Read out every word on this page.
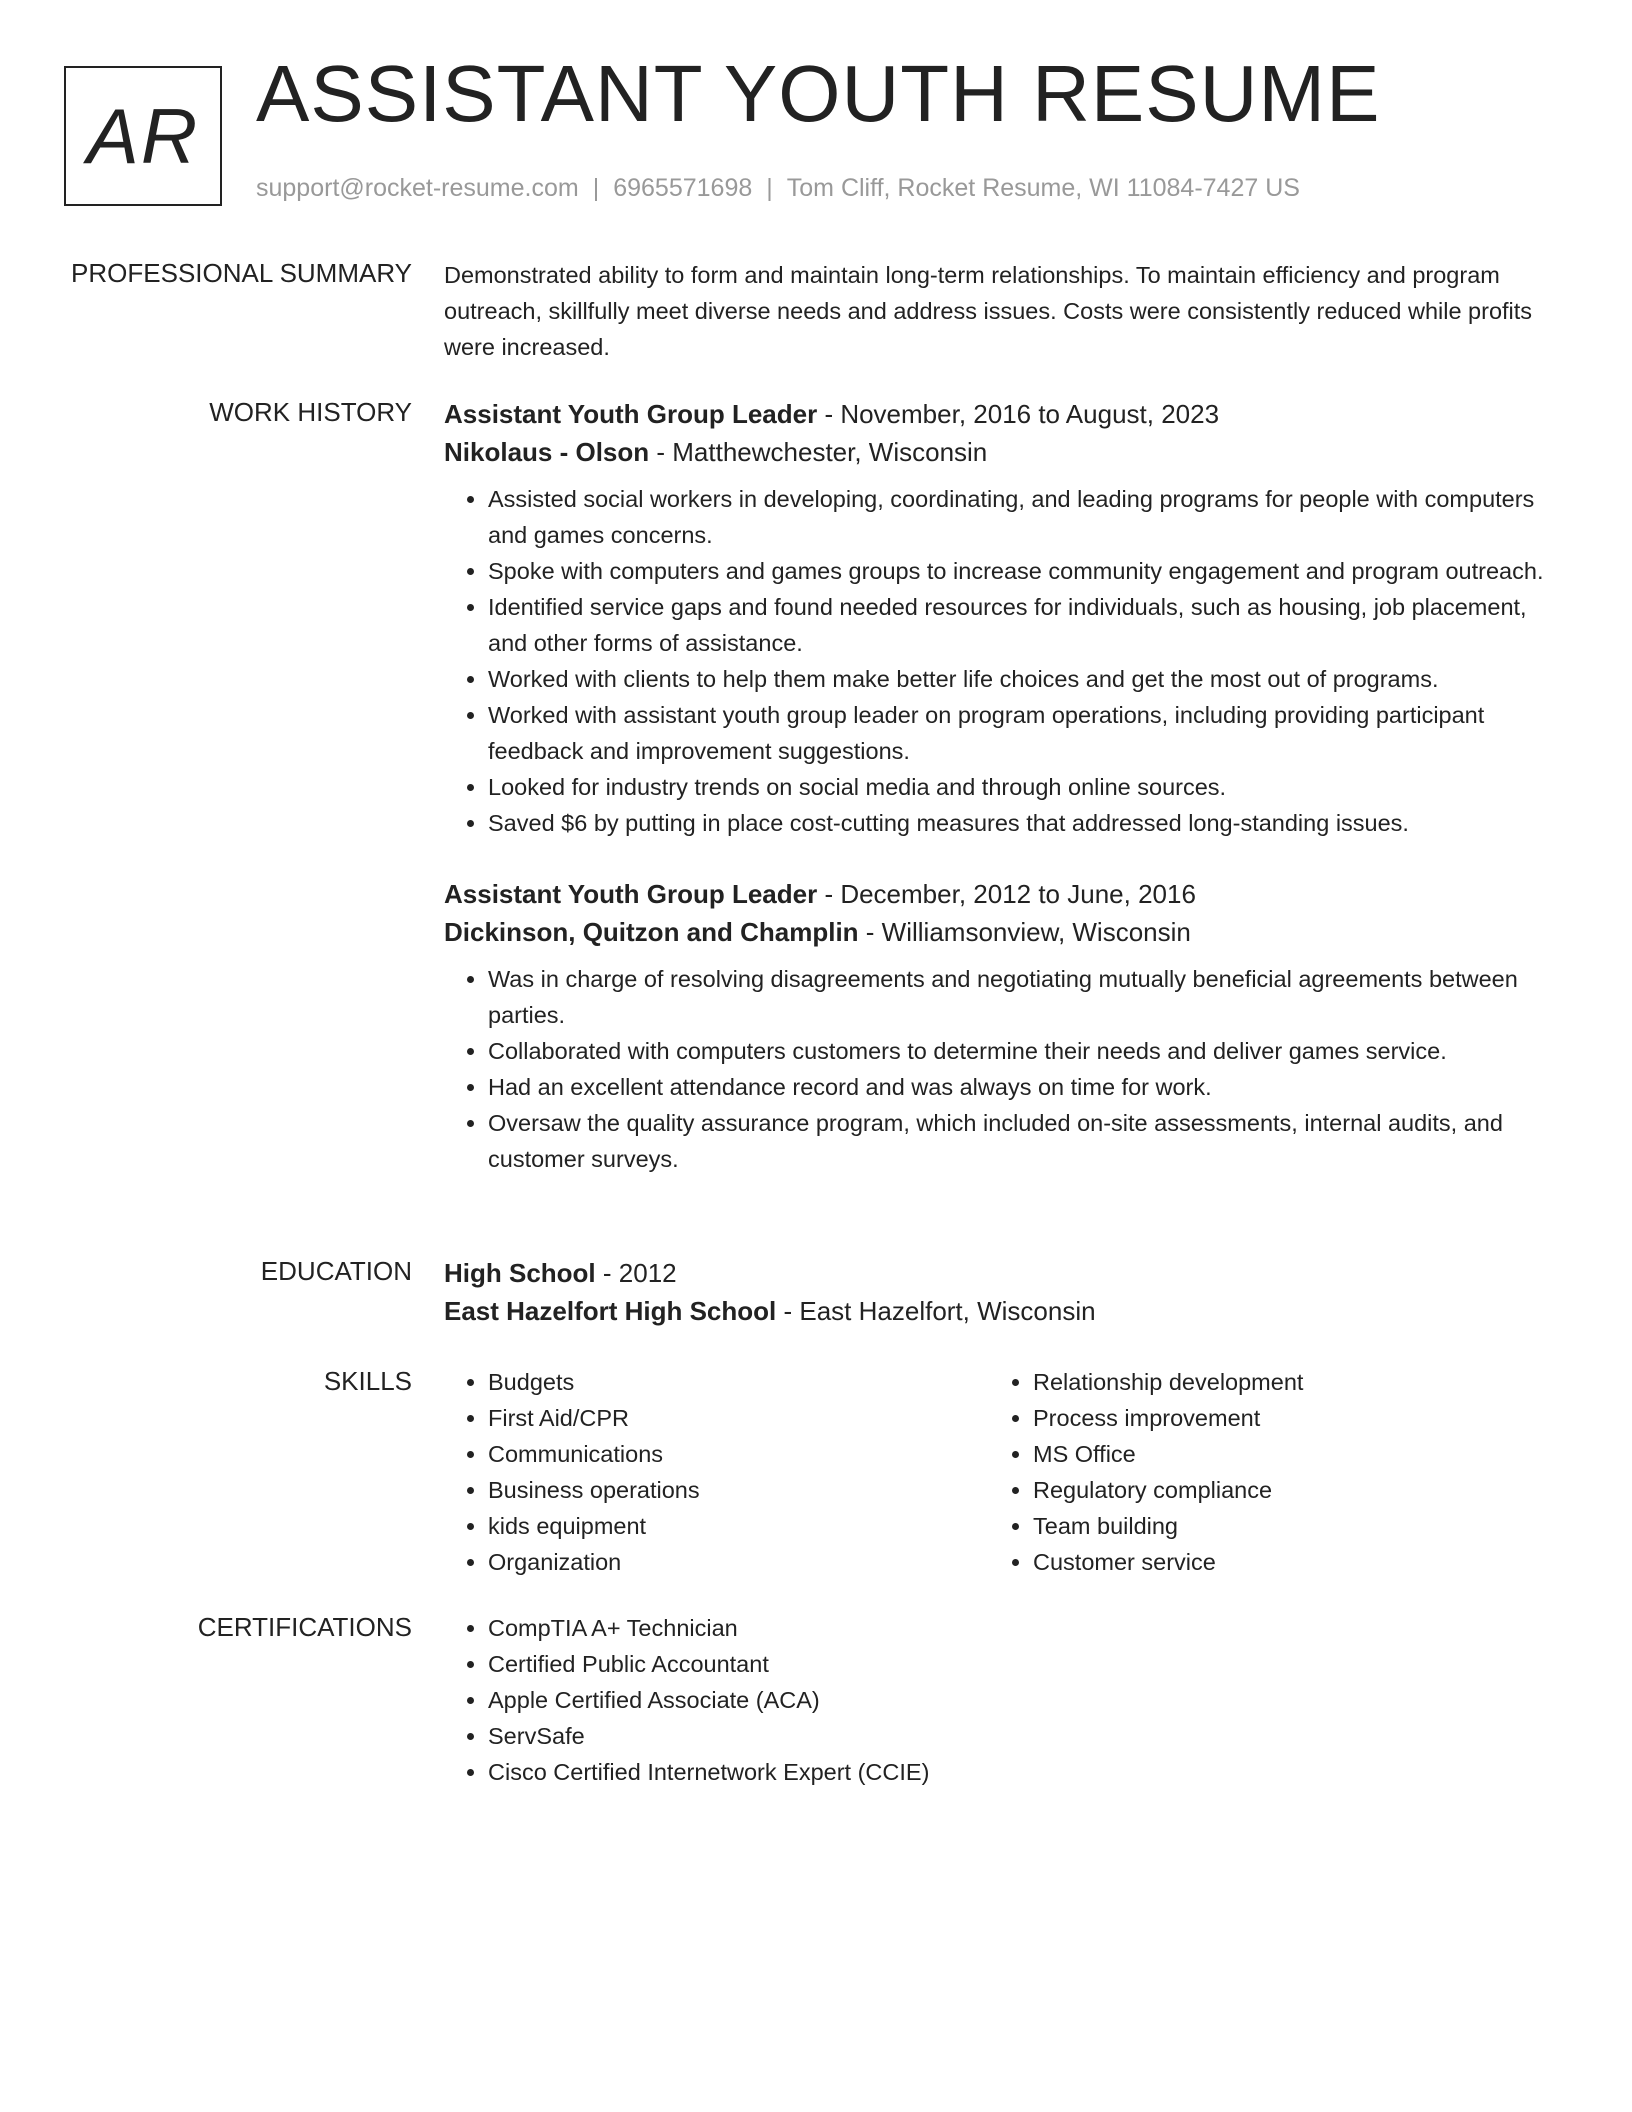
AR ASSISTANT YOUTH RESUME
support@rocket-resume.com | 6965571698 | Tom Cliff, Rocket Resume, WI 11084-7427 US
PROFESSIONAL SUMMARY Demonstrated ability to form and maintain long-term relationships. To maintain efficiency and program outreach, skillfully meet diverse needs and address issues. Costs were consistently reduced while profits were increased.

WORK HISTORY Assistant Youth Group Leader - November, 2016 to August, 2023

Nikolaus - Olson - Matthewchester, Wisconsin

• Assisted social workers in developing, coordinating, and leading programs for people with computers and games concerns.
• Spoke with computers and games groups to increase community engagement and program outreach.
• Identified service gaps and found needed resources for individuals, such as housing, job placement, and other forms of assistance.
• Worked with clients to help them make better life choices and get the most out of programs.
• Worked with assistant youth group leader on program operations, including providing participant feedback and improvement suggestions.
• Looked for industry trends on social media and through online sources.
• Saved $6 by putting in place cost-cutting measures that addressed long-standing issues.

Assistant Youth Group Leader - December, 2012 to June, 2016

Dickinson, Quitzon and Champlin - Williamsonview, Wisconsin

• Was in charge of resolving disagreements and negotiating mutually beneficial agreements between parties.
• Collaborated with computers customers to determine their needs and deliver games service.
• Had an excellent attendance record and was always on time for work.
• Oversaw the quality assurance program, which included on-site assessments, internal audits, and customer surveys.
EDUCATION High School - 2012

East Hazelfort High School - East Hazelfort, Wisconsin

SKILLS	• Budgets
• First Aid/CPR
• Communications
• Business operations
• kids equipment
• Organization
• Relationship development
• Process improvement
• MS Office
• Regulatory compliance
• Team building
• Customer service
CERTIFICATIONS	• CompTIA A+ Technician
• Certified Public Accountant
• Apple Certified Associate (ACA)
• ServSafe
• Cisco Certified Internetwork Expert (CCIE)
